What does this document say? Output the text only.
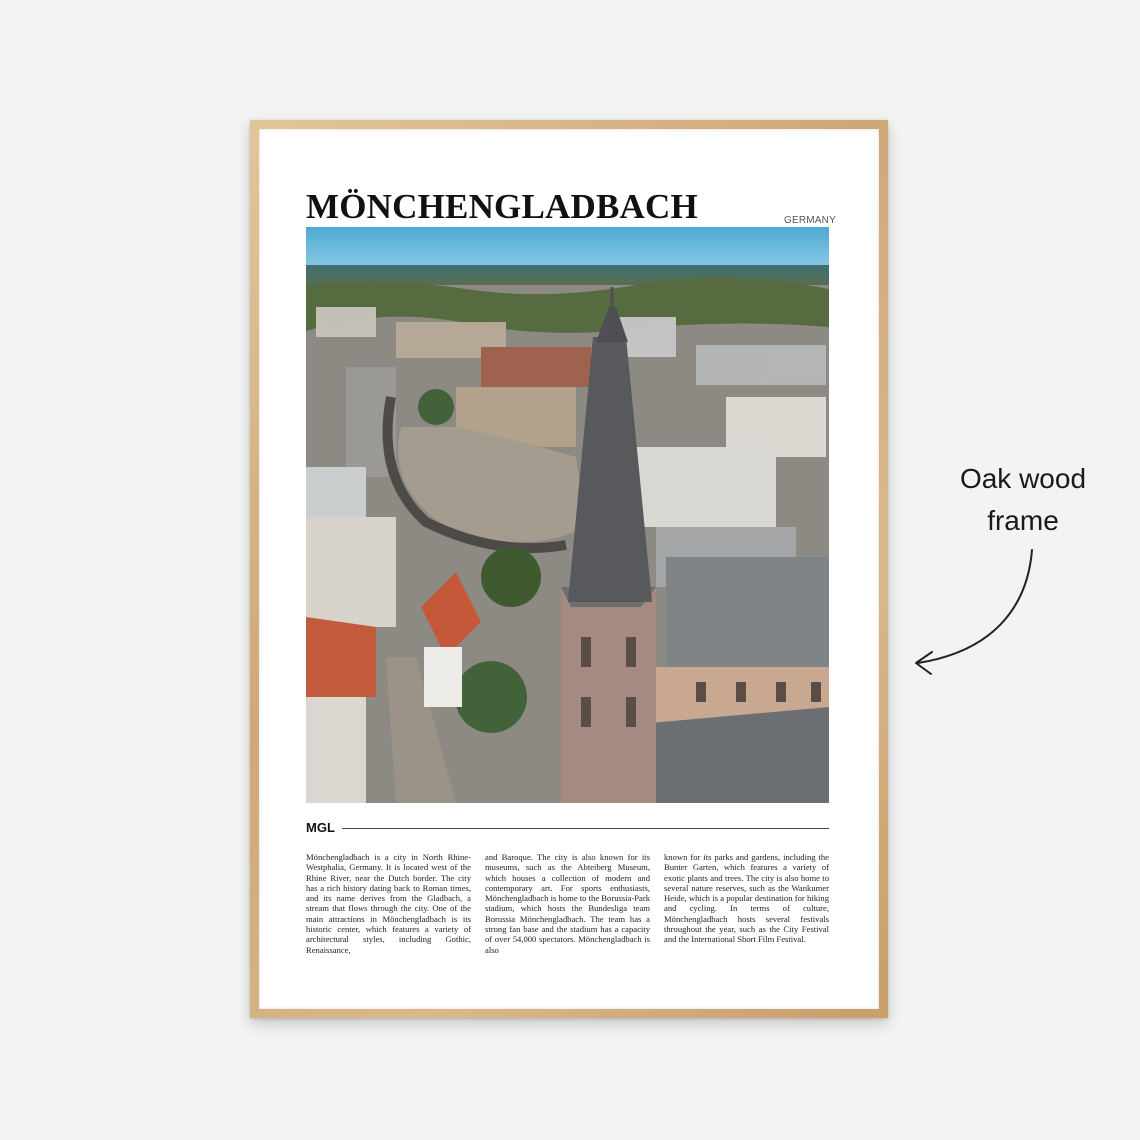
MÖNCHENGLADBACH	GERMANY
MGL
Mönchengladbach is a city in North Rhine-Westphalia, Germany. It is located west of the Rhine River, near the Dutch border. The city has a rich history dating back to Roman times, and its name derives from the Gladbach, a stream that flows through the city. One of the main attractions in Mönchengladbach is its historic center, which features a variety of architectural styles, including Gothic, Renaissance,
and Baroque. The city is also known for its museums, such as the Abteiberg Museum, which houses a collection of modern and contemporary art. For sports enthusiasts, Mönchengladbach is home to the Borussia-Park stadium, which hosts the Bundesliga team Borussia Mönchengladbach. The team has a strong fan base and the stadium has a capacity of over 54,000 spectators. Mönchengladbach is also
known for its parks and gardens, including the Bunter Garten, which features a variety of exotic plants and trees. The city is also home to several nature reserves, such as the Wankumer Heide, which is a popular destination for hiking and cycling. In terms of culture, Mönchengladbach hosts several festivals throughout the year, such as the City Festival and the International Short Film Festival.
Oak wood
frame
